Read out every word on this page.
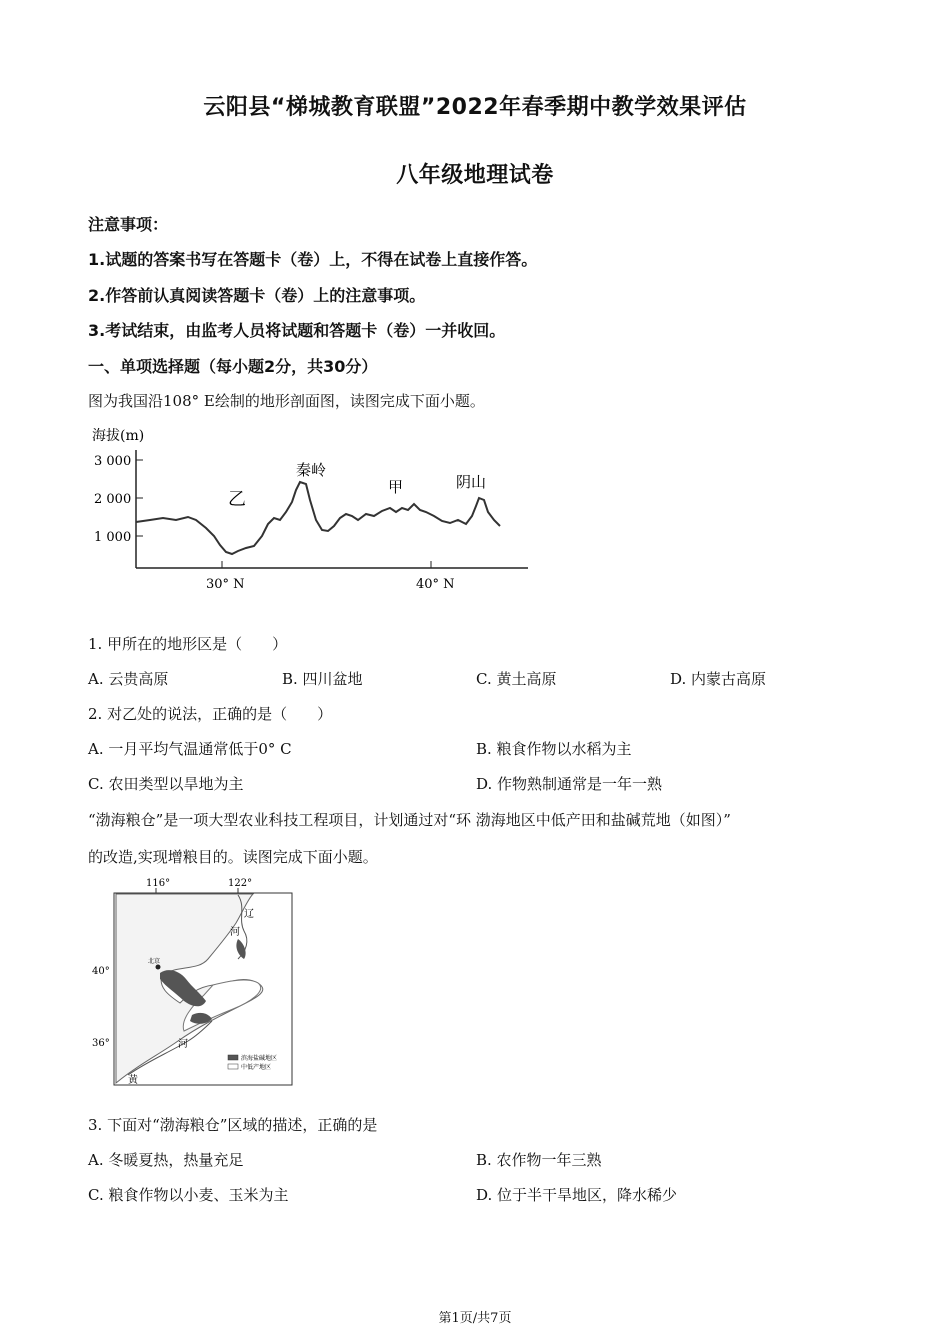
云阳县“梯城教育联盟”2022年春季期中教学效果评估
八年级地理试卷
注意事项：
1.试题的答案书写在答题卡（卷）上，不得在试卷上直接作答。
2.作答前认真阅读答题卡（卷）上的注意事项。
3.考试结束，由监考人员将试题和答题卡（卷）一并收回。
一、单项选择题（每小题2分，共30分）
图为我国沿108° E绘制的地形剖面图，读图完成下面小题。
海拔(m)
3 000
2 000
1 000
30° N	40° N
乙
秦岭
甲	阴山
1. 甲所在的地形区是（　　）
A. 云贵高原	B. 四川盆地	C. 黄土高原	D. 内蒙古高原
2. 对乙处的说法，正确的是（　　）
A. 一月平均气温通常低于0° C	B. 粮食作物以水稻为主
C. 农田类型以旱地为主	D. 作物熟制通常是一年一熟
“渤海粮仓”是一项大型农业科技工程项目，计划通过对“环 渤海地区中低产田和盐碱荒地（如图）”
的改造,实现增粮目的。读图完成下面小题。
116°	122°
40°
36°
北京
辽
河
河
黄
滨海盐碱地区
中低产地区
3. 下面对“渤海粮仓”区域的描述，正确的是
A. 冬暖夏热，热量充足	B. 农作物一年三熟
C. 粮食作物以小麦、玉米为主	D. 位于半干旱地区，降水稀少
第1页/共7页
